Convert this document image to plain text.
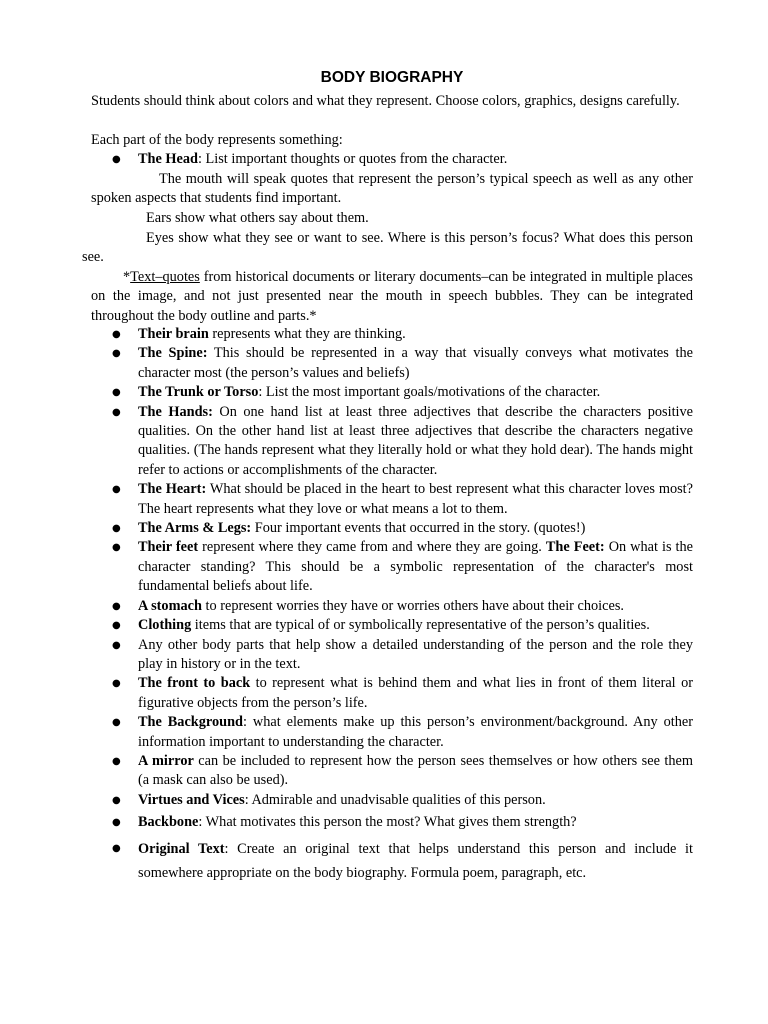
BODY BIOGRAPHY

Students should think about colors and what they represent. Choose colors, graphics, designs carefully.

Each part of the body represents something:

● The Head: List important thoughts or quotes from the character.

The mouth will speak quotes that represent the person’s typical speech as well as any other spoken aspects that students find important.

Ears show what others say about them.

Eyes show what they see or want to see. Where is this person’s focus? What does this person see.

*Text–quotes from historical documents or literary documents–can be integrated in multiple places on the image, and not just presented near the mouth in speech bubbles. They can be integrated throughout the body outline and parts.*

● Their brain represents what they are thinking.
● The Spine: This should be represented in a way that visually conveys what motivates the character most (the person’s values and beliefs)
● The Trunk or Torso: List the most important goals/motivations of the character.
● The Hands: On one hand list at least three adjectives that describe the characters positive qualities. On the other hand list at least three adjectives that describe the characters negative qualities. (The hands represent what they literally hold or what they hold dear). The hands might refer to actions or accomplishments of the character.
● The Heart: What should be placed in the heart to best represent what this character loves most? The heart represents what they love or what means a lot to them.
● The Arms & Legs: Four important events that occurred in the story. (quotes!)
● Their feet represent where they came from and where they are going. The Feet: On what is the character standing? This should be a symbolic representation of the character's most fundamental beliefs about life.
● A stomach to represent worries they have or worries others have about their choices.
● Clothing items that are typical of or symbolically representative of the person’s qualities.
● Any other body parts that help show a detailed understanding of the person and the role they play in history or in the text.
● The front to back to represent what is behind them and what lies in front of them literal or figurative objects from the person’s life.
● The Background: what elements make up this person’s environment/background. Any other information important to understanding the character.
● A mirror can be included to represent how the person sees themselves or how others see them (a mask can also be used).
● Virtues and Vices: Admirable and unadvisable qualities of this person.
● Backbone: What motivates this person the most? What gives them strength?
● Original Text: Create an original text that helps understand this person and include it somewhere appropriate on the body biography. Formula poem, paragraph, etc.
